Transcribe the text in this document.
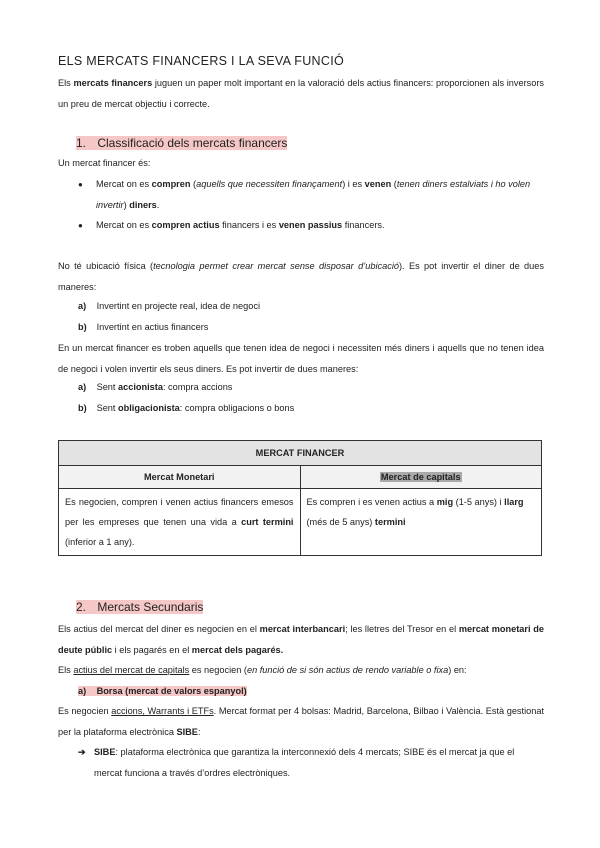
ELS MERCATS FINANCERS I LA SEVA FUNCIÓ
Els mercats financers juguen un paper molt important en la valoració dels actius financers: proporcionen als inversors un preu de mercat objectiu i correcte.
1. Classificació dels mercats financers
Un mercat financer és:
● Mercat on es compren (aquells que necessiten finançament) i es venen (tenen diners estalviats i ho volen invertir) diners.
● Mercat on es compren actius financers i es venen passius financers.
No té ubicació física (tecnologia permet crear mercat sense disposar d’ubicació). Es pot invertir el diner de dues maneres:
a) Invertint en projecte real, idea de negoci
b) Invertint en actius financers
En un mercat financer es troben aquells que tenen idea de negoci i necessiten més diners i aquells que no tenen idea de negoci i volen invertir els seus diners. Es pot invertir de dues maneres:
a) Sent accionista: compra accions
b) Sent obligacionista: compra obligacions o bons
MERCAT FINANCER	
Mercat Monetari	Mercat de capitals
Es negocien, compren i venen actius financers emesos per les empreses que tenen una vida a curt termini (inferior a 1 any).	Es compren i es venen actius a mig (1-5 anys) i llarg (més de 5 anys) termini
2. Mercats Secundaris
Els actius del mercat del diner es negocien en el mercat interbancari; les lletres del Tresor en el mercat monetari de deute públic i els pagarés en el mercat dels pagarés.
Els actius del mercat de capitals es negocien (en funció de si són actius de rendo variable o fixa) en:
a) Borsa (mercat de valors espanyol)
Es negocien accions, Warrants i ETFs. Mercat format per 4 bolsas: Madrid, Barcelona, Bilbao i València. Està gestionat per la plataforma electrònica SIBE:
➔ SIBE: plataforma electrònica que garantiza la interconnexió dels 4 mercats; SIBE és el mercat ja que el mercat funciona a través d’ordres electròniques.
